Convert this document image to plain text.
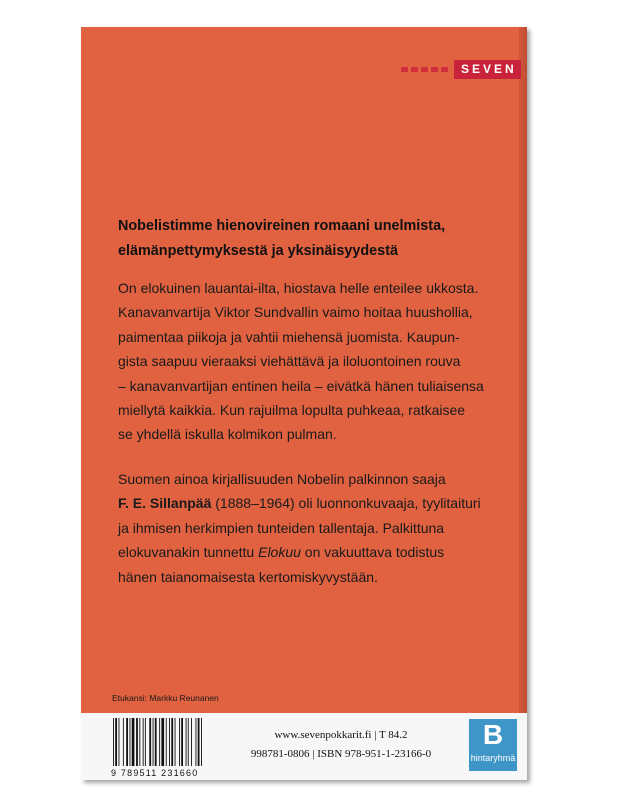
SEVEN
Nobelistimme hienovireinen romaani unelmista,
elämänpettymyksestä ja yksinäisyydestä
On elokuinen lauantai-ilta, hiostava helle enteilee ukkosta.
Kanavanvartija Viktor Sundvallin vaimo hoitaa huushollia,
paimentaa piikoja ja vahtii miehensä juomista. Kaupun-
gista saapuu vieraaksi viehättävä ja iloluontoinen rouva
– kanavanvartijan entinen heila – eivätkä hänen tuliaisensa
miellytä kaikkia. Kun rajuilma lopulta puhkeaa, ratkaisee
se yhdellä iskulla kolmikon pulman.
Suomen ainoa kirjallisuuden Nobelin palkinnon saaja
F. E. Sillanpää (1888–1964) oli luonnonkuvaaja, tyylitaituri
ja ihmisen herkimpien tunteiden tallentaja. Palkittuna
elokuvanakin tunnettu Elokuu on vakuuttava todistus
hänen taianomaisesta kertomiskyvystään.
Etukansi: Markku Reunanen
9 789511 231660
www.sevenpokkarit.fi | T 84.2
998781-0806 | ISBN 978-951-1-23166-0
B
hintaryhmä
